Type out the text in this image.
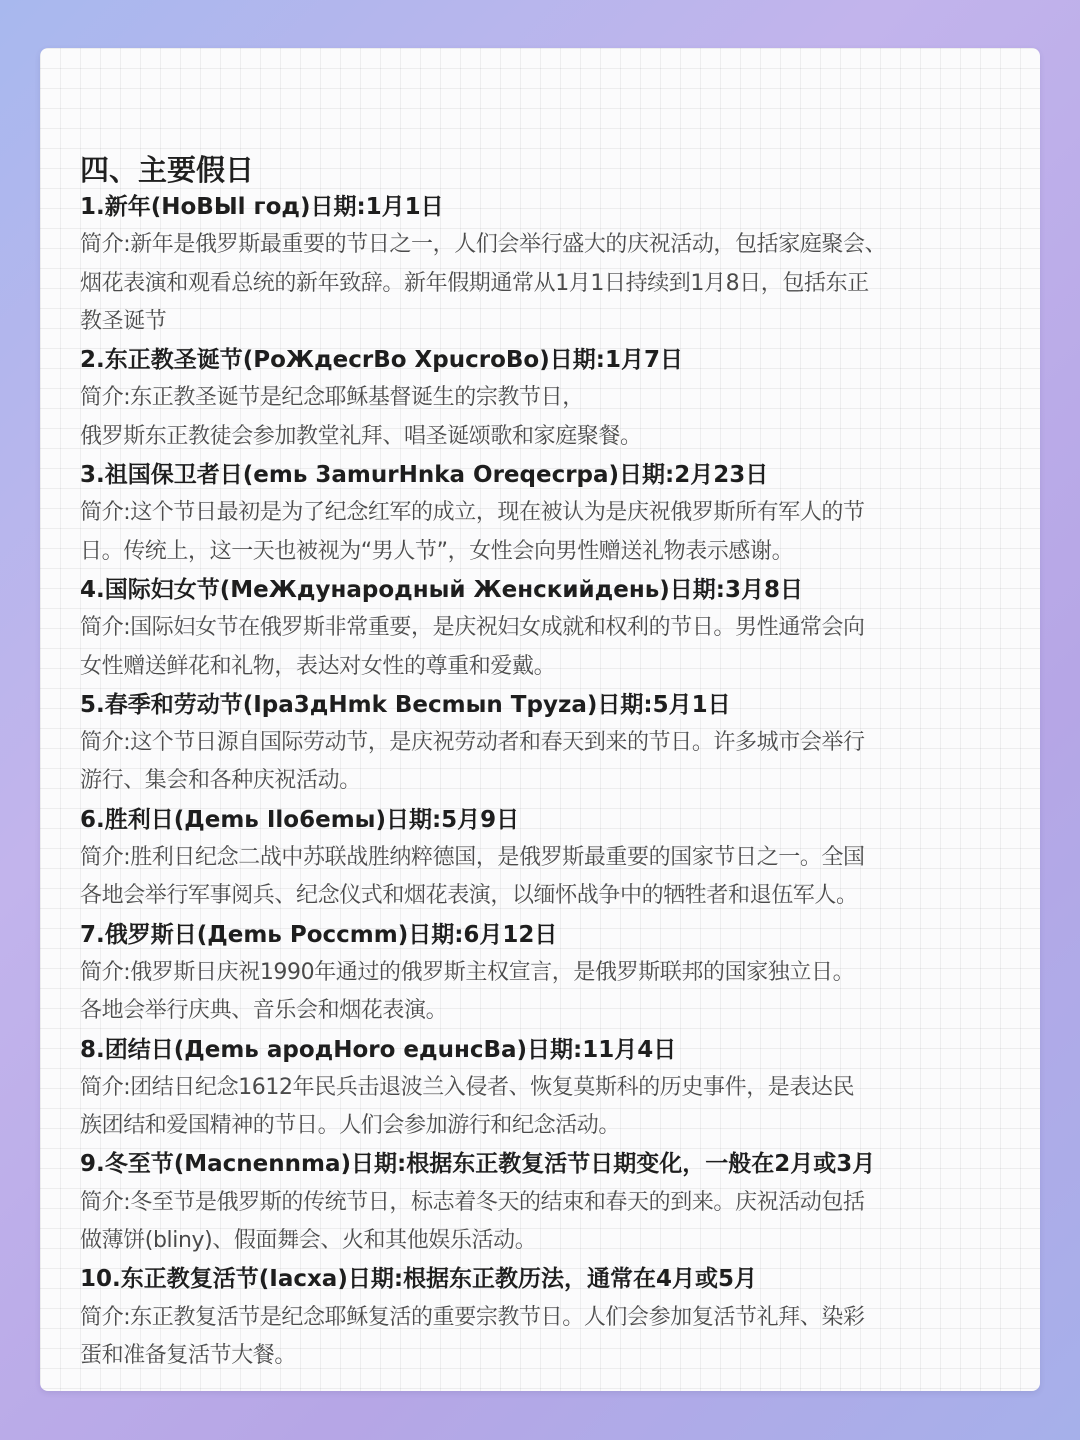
四、主要假日
1.新年(HoBЫl год)日期:1月1日
简介:新年是俄罗斯最重要的节日之一，人们会举行盛大的庆祝活动，包括家庭聚会、
烟花表演和观看总统的新年致辞。新年假期通常从1月1日持续到1月8日，包括东正
教圣诞节
2.东正教圣诞节(PoЖдecrBo XpucroBo)日期:1月7日
简介:东正教圣诞节是纪念耶稣基督诞生的宗教节日，
俄罗斯东正教徒会参加教堂礼拜、唱圣诞颂歌和家庭聚餐。
3.祖国保卫者日(emь 3amurHnka Oreqecrpa)日期:2月23日
简介:这个节日最初是为了纪念红军的成立，现在被认为是庆祝俄罗斯所有军人的节
日。传统上，这一天也被视为“男人节”，女性会向男性赠送礼物表示感谢。
4.国际妇女节(MeЖдународный Женскийдень)日期:3月8日
简介:国际妇女节在俄罗斯非常重要，是庆祝妇女成就和权利的节日。男性通常会向
女性赠送鲜花和礼物，表达对女性的尊重和爱戴。
5.春季和劳动节(Ipa3дHmk Becmыn Tpyza)日期:5月1日
简介:这个节日源自国际劳动节，是庆祝劳动者和春天到来的节日。许多城市会举行
游行、集会和各种庆祝活动。
6.胜利日(Деmь Ilo6emы)日期:5月9日
简介:胜利日纪念二战中苏联战胜纳粹德国，是俄罗斯最重要的国家节日之一。全国
各地会举行军事阅兵、纪念仪式和烟花表演，以缅怀战争中的牺牲者和退伍军人。
7.俄罗斯日(Деmь Poccmm)日期:6月12日
简介:俄罗斯日庆祝1990年通过的俄罗斯主权宣言，是俄罗斯联邦的国家独立日。
各地会举行庆典、音乐会和烟花表演。
8.团结日(Деmь apoдHoro eдuнcBa)日期:11月4日
简介:团结日纪念1612年民兵击退波兰入侵者、恢复莫斯科的历史事件，是表达民
族团结和爱国精神的节日。人们会参加游行和纪念活动。
9.冬至节(Macnennma)日期:根据东正教复活节日期变化，一般在2月或3月
简介:冬至节是俄罗斯的传统节日，标志着冬天的结束和春天的到来。庆祝活动包括
做薄饼(bliny)、假面舞会、火和其他娱乐活动。
10.东正教复活节(Iacxa)日期:根据东正教历法，通常在4月或5月
简介:东正教复活节是纪念耶稣复活的重要宗教节日。人们会参加复活节礼拜、染彩
蛋和准备复活节大餐。
